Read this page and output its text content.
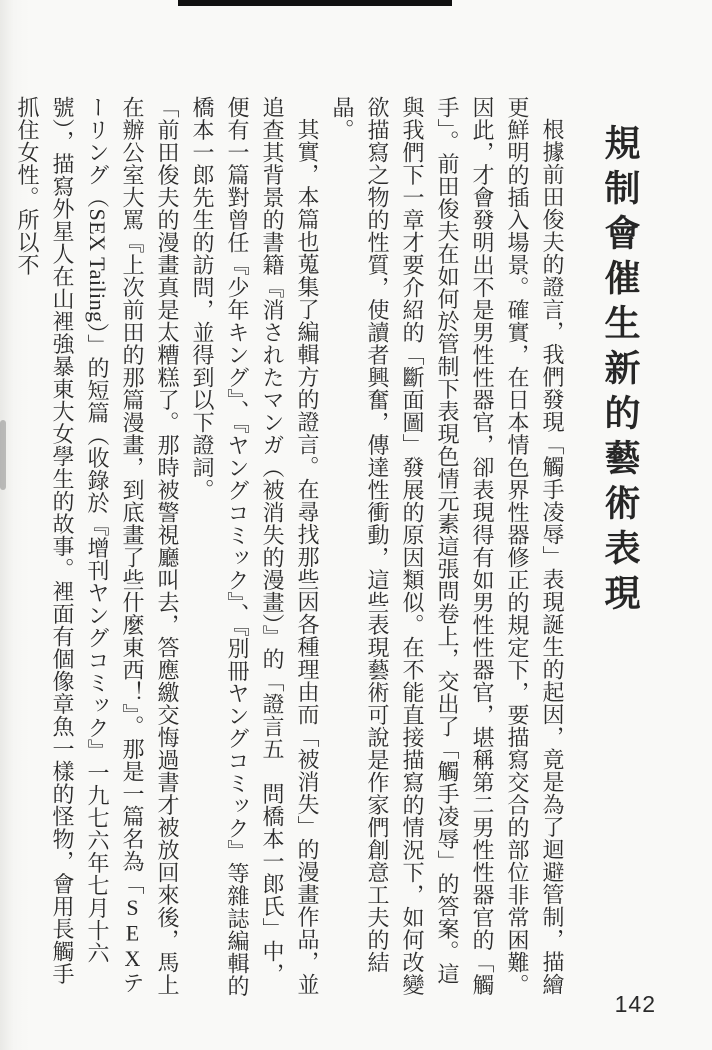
規制會催生新的藝術表現

根據前田俊夫的證言，我們發現「觸手凌辱」表現誕生的起因，竟是為了迴避管制，描繪更鮮明的插入場景。確實，在日本情色界性器修正的規定下，要描寫交合的部位非常困難。因此，才會發明出不是男性性器官，卻表現得有如男性性器官，堪稱第二男性性器官的「觸手」。前田俊夫在如何於管制下表現色情元素這張問卷上，交出了「觸手凌辱」的答案。這與我們下一章才要介紹的「斷面圖」發展的原因類似。在不能直接描寫的情況下，如何改變欲描寫之物的性質，使讀者興奮，傳達性衝動，這些表現藝術可說是作家們創意工夫的結晶。

其實，本篇也蒐集了編輯方的證言。在尋找那些因各種理由而「被消失」的漫畫作品，並追查其背景的書籍『消されたマンガ（被消失的漫畫）』的「證言五　問橋本一郎氏」中，便有一篇對曾任『少年キング』、『ヤングコミック』、『別冊ヤングコミック』等雜誌編輯的橋本一郎先生的訪問，並得到以下證詞。

「前田俊夫的漫畫真是太糟糕了。那時被警視廳叫去，答應繳交悔過書才被放回來後，馬上在辦公室大罵『上次前田的那篇漫畫，到底畫了些什麼東西！』。那是一篇名為「SEXテーリング（SEX Tailing）」的短篇（收錄於『增刊ヤングコミック』一九七六年七月十六號），描寫外星人在山裡強暴東大女學生的故事。裡面有個像章魚一樣的怪物，會用長觸手抓住女性。所以不

142
